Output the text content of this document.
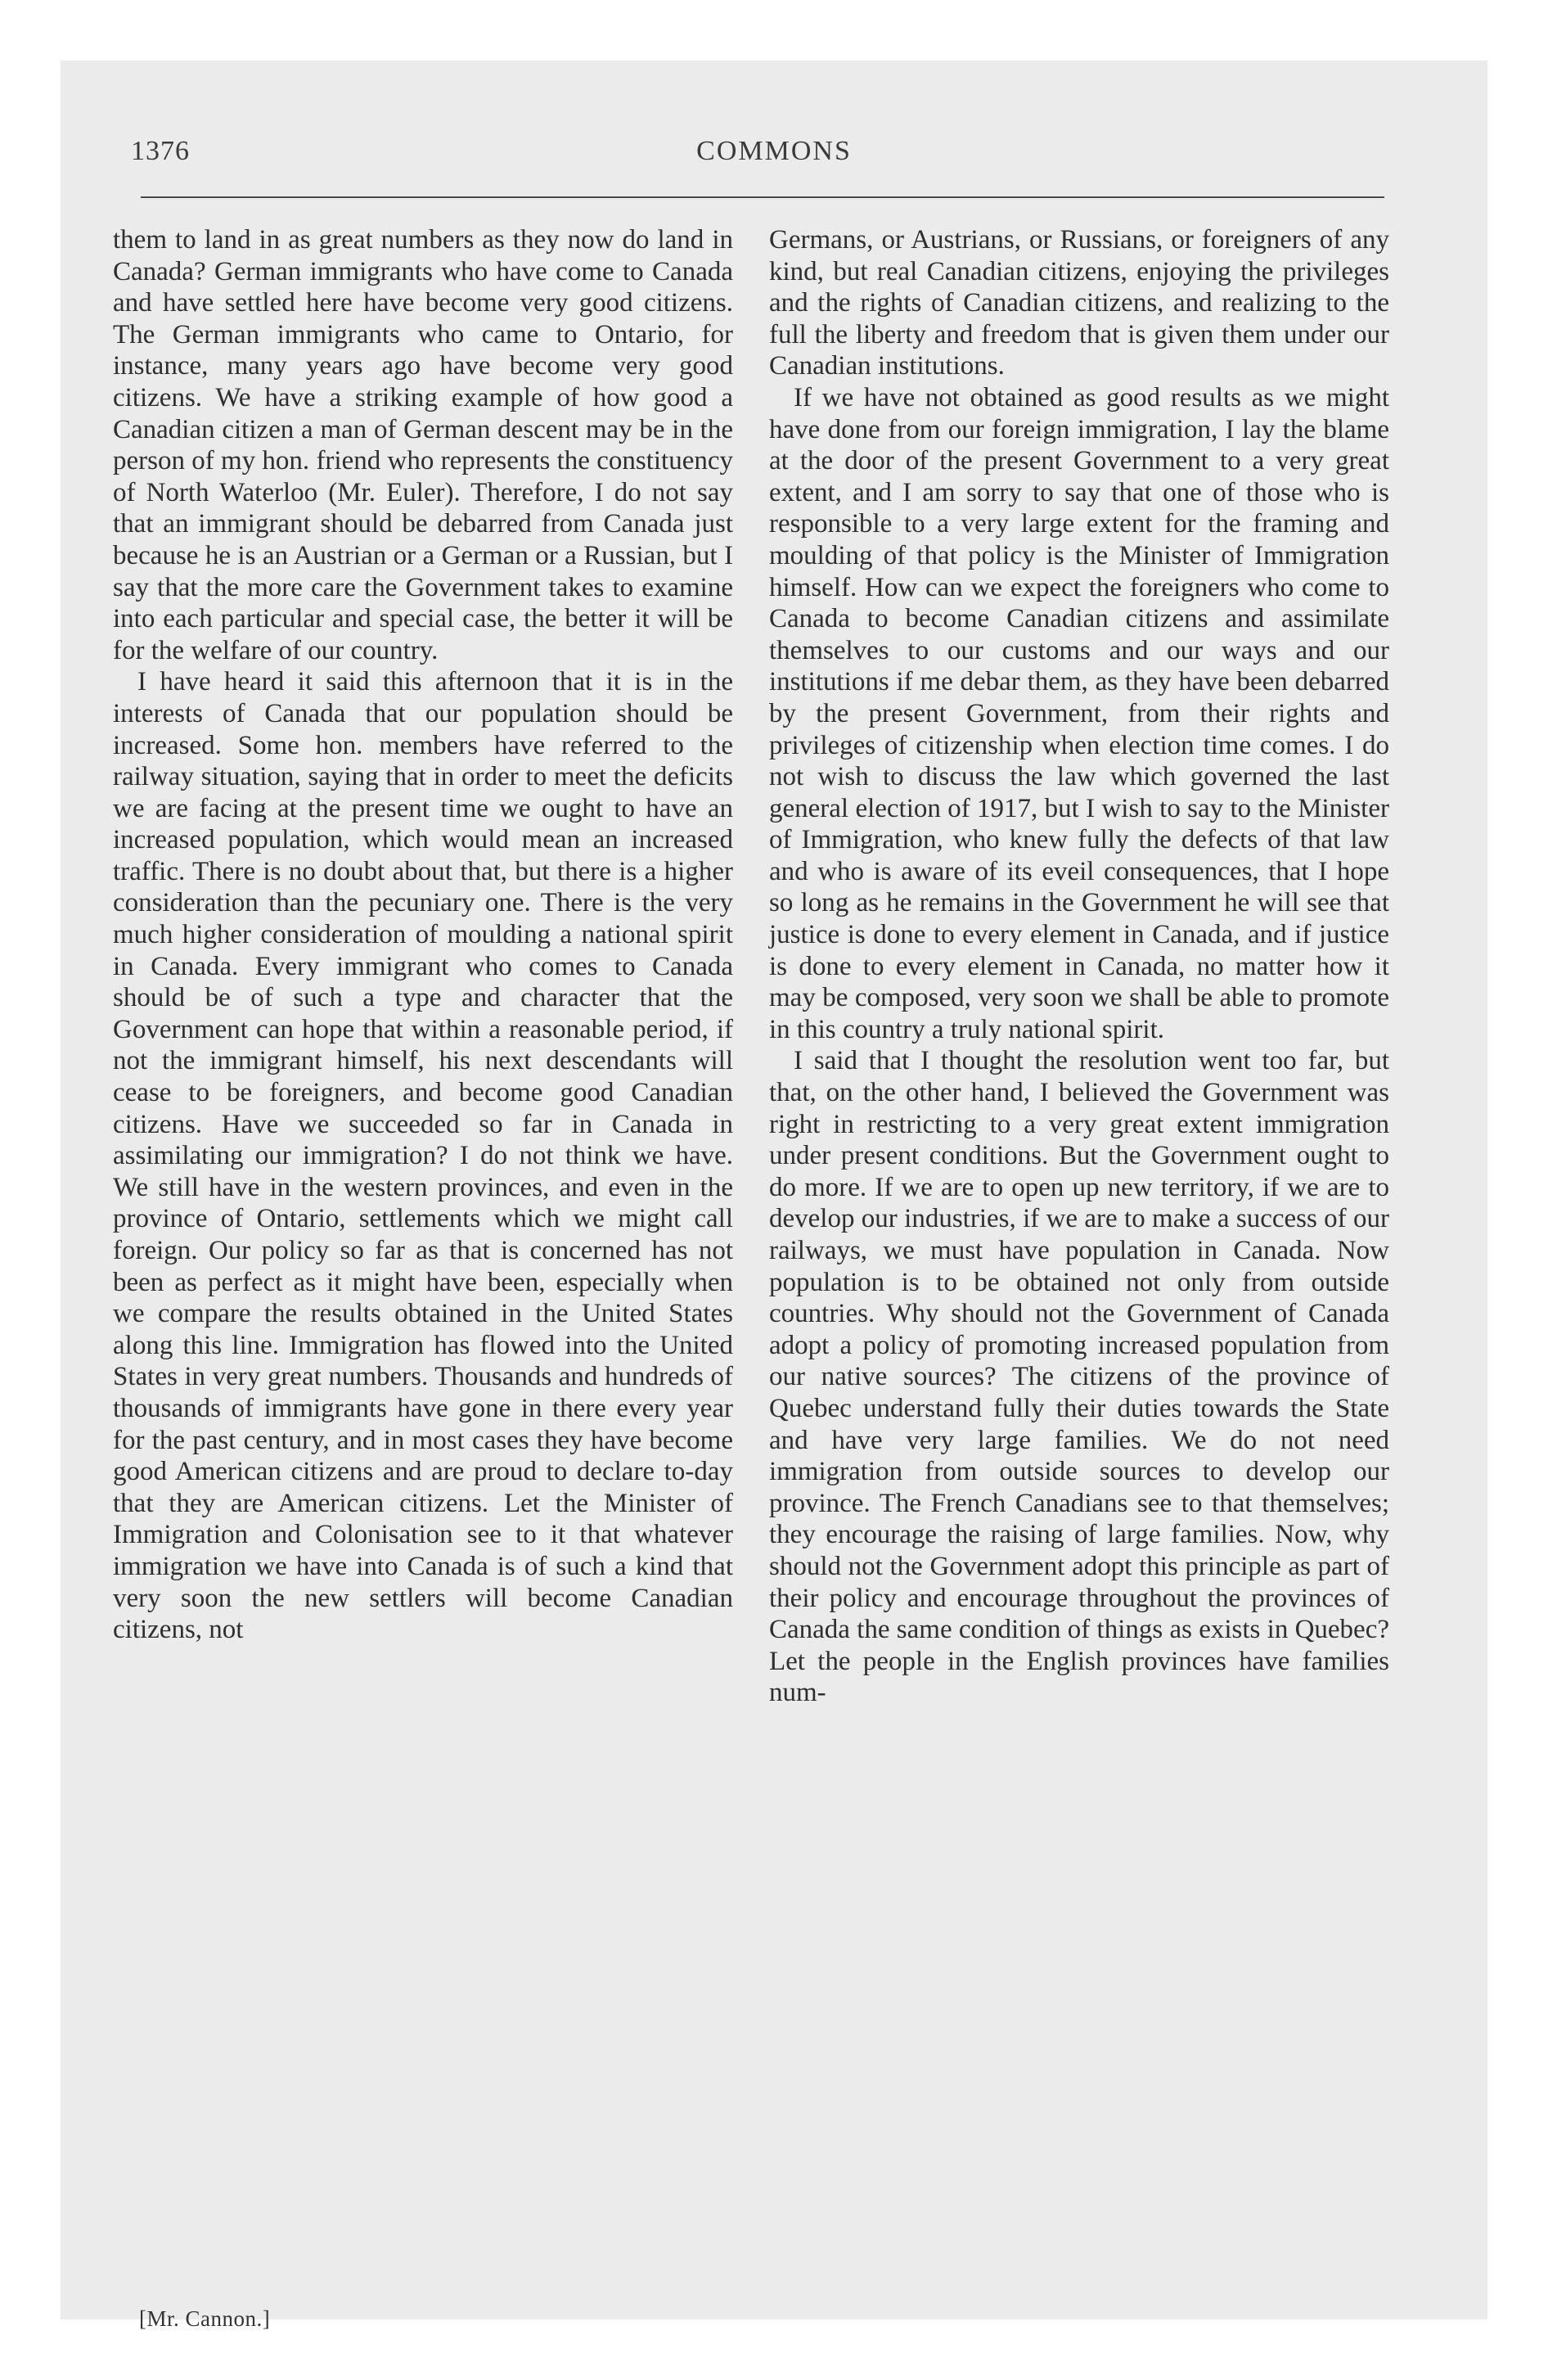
1376	COMMONS

them to land in as great numbers as they now do land in Canada? German immigrants who have come to Canada and have settled here have become very good citizens. The German immigrants who came to Ontario, for instance, many years ago have become very good citizens. We have a striking example of how good a Canadian citizen a man of German descent may be in the person of my hon. friend who represents the constituency of North Waterloo (Mr. Euler). Therefore, I do not say that an immigrant should be debarred from Canada just because he is an Austrian or a German or a Russian, but I say that the more care the Government takes to examine into each particular and special case, the better it will be for the welfare of our country.

I have heard it said this afternoon that it is in the interests of Canada that our population should be increased. Some hon. members have referred to the railway situation, saying that in order to meet the deficits we are facing at the present time we ought to have an increased population, which would mean an increased traffic. There is no doubt about that, but there is a higher consideration than the pecuniary one. There is the very much higher consideration of moulding a national spirit in Canada. Every immigrant who comes to Canada should be of such a type and character that the Government can hope that within a reasonable period, if not the immigrant himself, his next descendants will cease to be foreigners, and become good Canadian citizens. Have we succeeded so far in Canada in assimilating our immigration? I do not think we have. We still have in the western provinces, and even in the province of Ontario, settlements which we might call foreign. Our policy so far as that is concerned has not been as perfect as it might have been, especially when we compare the results obtained in the United States along this line. Immigration has flowed into the United States in very great numbers. Thousands and hundreds of thousands of immigrants have gone in there every year for the past century, and in most cases they have become good American citizens and are proud to declare to-day that they are American citizens. Let the Minister of Immigration and Colonisation see to it that whatever immigration we have into Canada is of such a kind that very soon the new settlers will become Canadian citizens, not

Germans, or Austrians, or Russians, or foreigners of any kind, but real Canadian citizens, enjoying the privileges and the rights of Canadian citizens, and realizing to the full the liberty and freedom that is given them under our Canadian institutions.

If we have not obtained as good results as we might have done from our foreign immigration, I lay the blame at the door of the present Government to a very great extent, and I am sorry to say that one of those who is responsible to a very large extent for the framing and moulding of that policy is the Minister of Immigration himself. How can we expect the foreigners who come to Canada to become Canadian citizens and assimilate themselves to our customs and our ways and our institutions if me debar them, as they have been debarred by the present Government, from their rights and privileges of citizenship when election time comes. I do not wish to discuss the law which governed the last general election of 1917, but I wish to say to the Minister of Immigration, who knew fully the defects of that law and who is aware of its eveil consequences, that I hope so long as he remains in the Government he will see that justice is done to every element in Canada, and if justice is done to every element in Canada, no matter how it may be composed, very soon we shall be able to promote in this country a truly national spirit.

I said that I thought the resolution went too far, but that, on the other hand, I believed the Government was right in restricting to a very great extent immigration under present conditions. But the Government ought to do more. If we are to open up new territory, if we are to develop our industries, if we are to make a success of our railways, we must have population in Canada. Now population is to be obtained not only from outside countries. Why should not the Government of Canada adopt a policy of promoting increased population from our native sources? The citizens of the province of Quebec understand fully their duties towards the State and have very large families. We do not need immigration from outside sources to develop our province. The French Canadians see to that themselves; they encourage the raising of large families. Now, why should not the Government adopt this principle as part of their policy and encourage throughout the provinces of Canada the same condition of things as exists in Quebec? Let the people in the English provinces have families num-

[Mr. Cannon.]
